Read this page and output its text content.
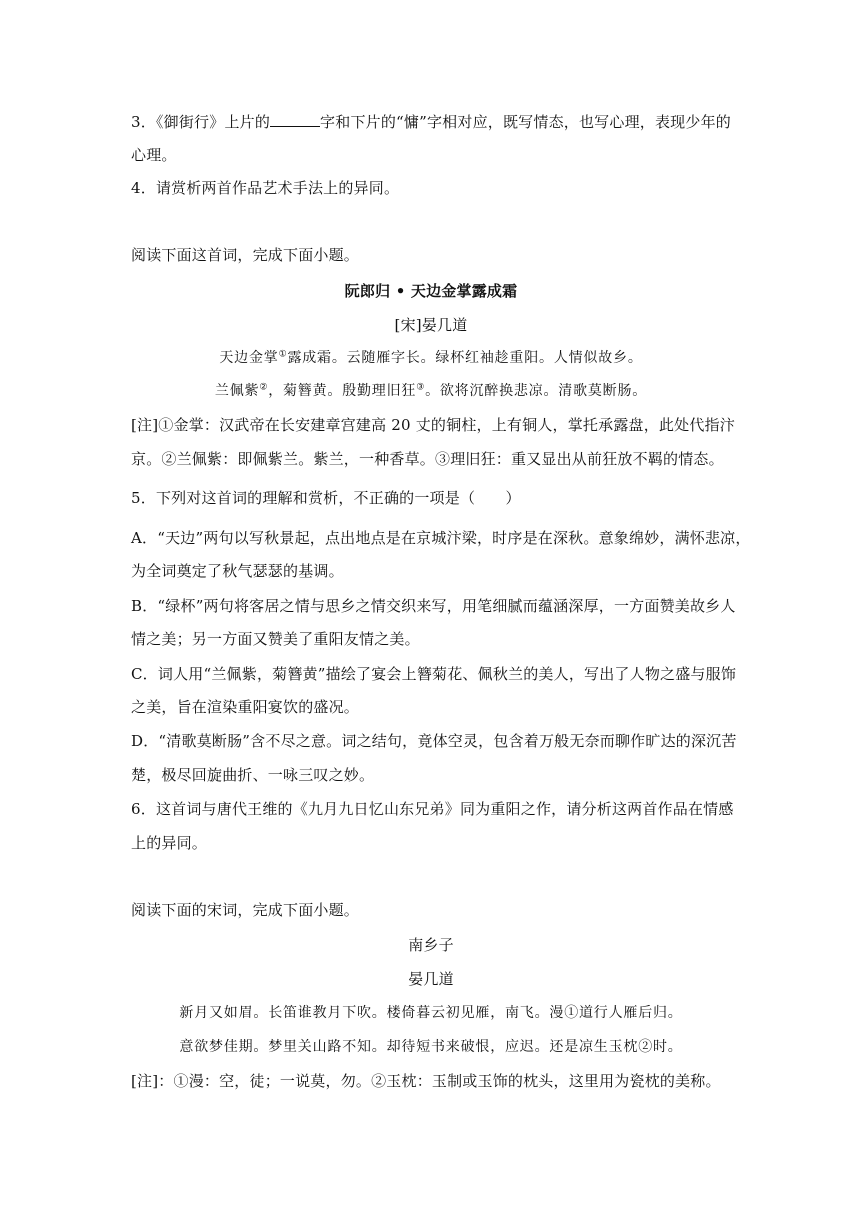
3．《御街行》上片的	字和下片的“慵”字相对应，既写情态，也写心理，表现少年的
心理。
4．请赏析两首作品艺术手法上的异同。
阅读下面这首词，完成下面小题。
阮郎归 • 天边金掌露成霜
[宋]晏几道
天边金掌①露成霜。云随雁字长。绿杯红袖趁重阳。人情似故乡。
兰佩紫②，菊簪黄。殷勤理旧狂③。欲将沉醉换悲凉。清歌莫断肠。
[注]①金掌：汉武帝在长安建章宫建高 20 丈的铜柱，上有铜人，掌托承露盘，此处代指汴
京。②兰佩紫：即佩紫兰。紫兰，一种香草。③理旧狂：重又显出从前狂放不羁的情态。
5．下列对这首词的理解和赏析，不正确的一项是（　　）
A．“天边”两句以写秋景起，点出地点是在京城汴梁，时序是在深秋。意象绵妙，满怀悲凉，
为全词奠定了秋气瑟瑟的基调。
B．“绿杯”两句将客居之情与思乡之情交织来写，用笔细腻而蕴涵深厚，一方面赞美故乡人
情之美；另一方面又赞美了重阳友情之美。
C．词人用“兰佩紫，菊簪黄”描绘了宴会上簪菊花、佩秋兰的美人，写出了人物之盛与服饰
之美，旨在渲染重阳宴饮的盛况。
D．“清歌莫断肠”含不尽之意。词之结句，竟体空灵，包含着万般无奈而聊作旷达的深沉苦
楚，极尽回旋曲折、一咏三叹之妙。
6．这首词与唐代王维的《九月九日忆山东兄弟》同为重阳之作，请分析这两首作品在情感
上的异同。
阅读下面的宋词，完成下面小题。
南乡子
晏几道
新月又如眉。长笛谁教月下吹。楼倚暮云初见雁，南飞。漫①道行人雁后归。
意欲梦佳期。梦里关山路不知。却待短书来破恨，应迟。还是凉生玉枕②时。
[注]：①漫：空，徒；一说莫，勿。②玉枕：玉制或玉饰的枕头，这里用为瓷枕的美称。
